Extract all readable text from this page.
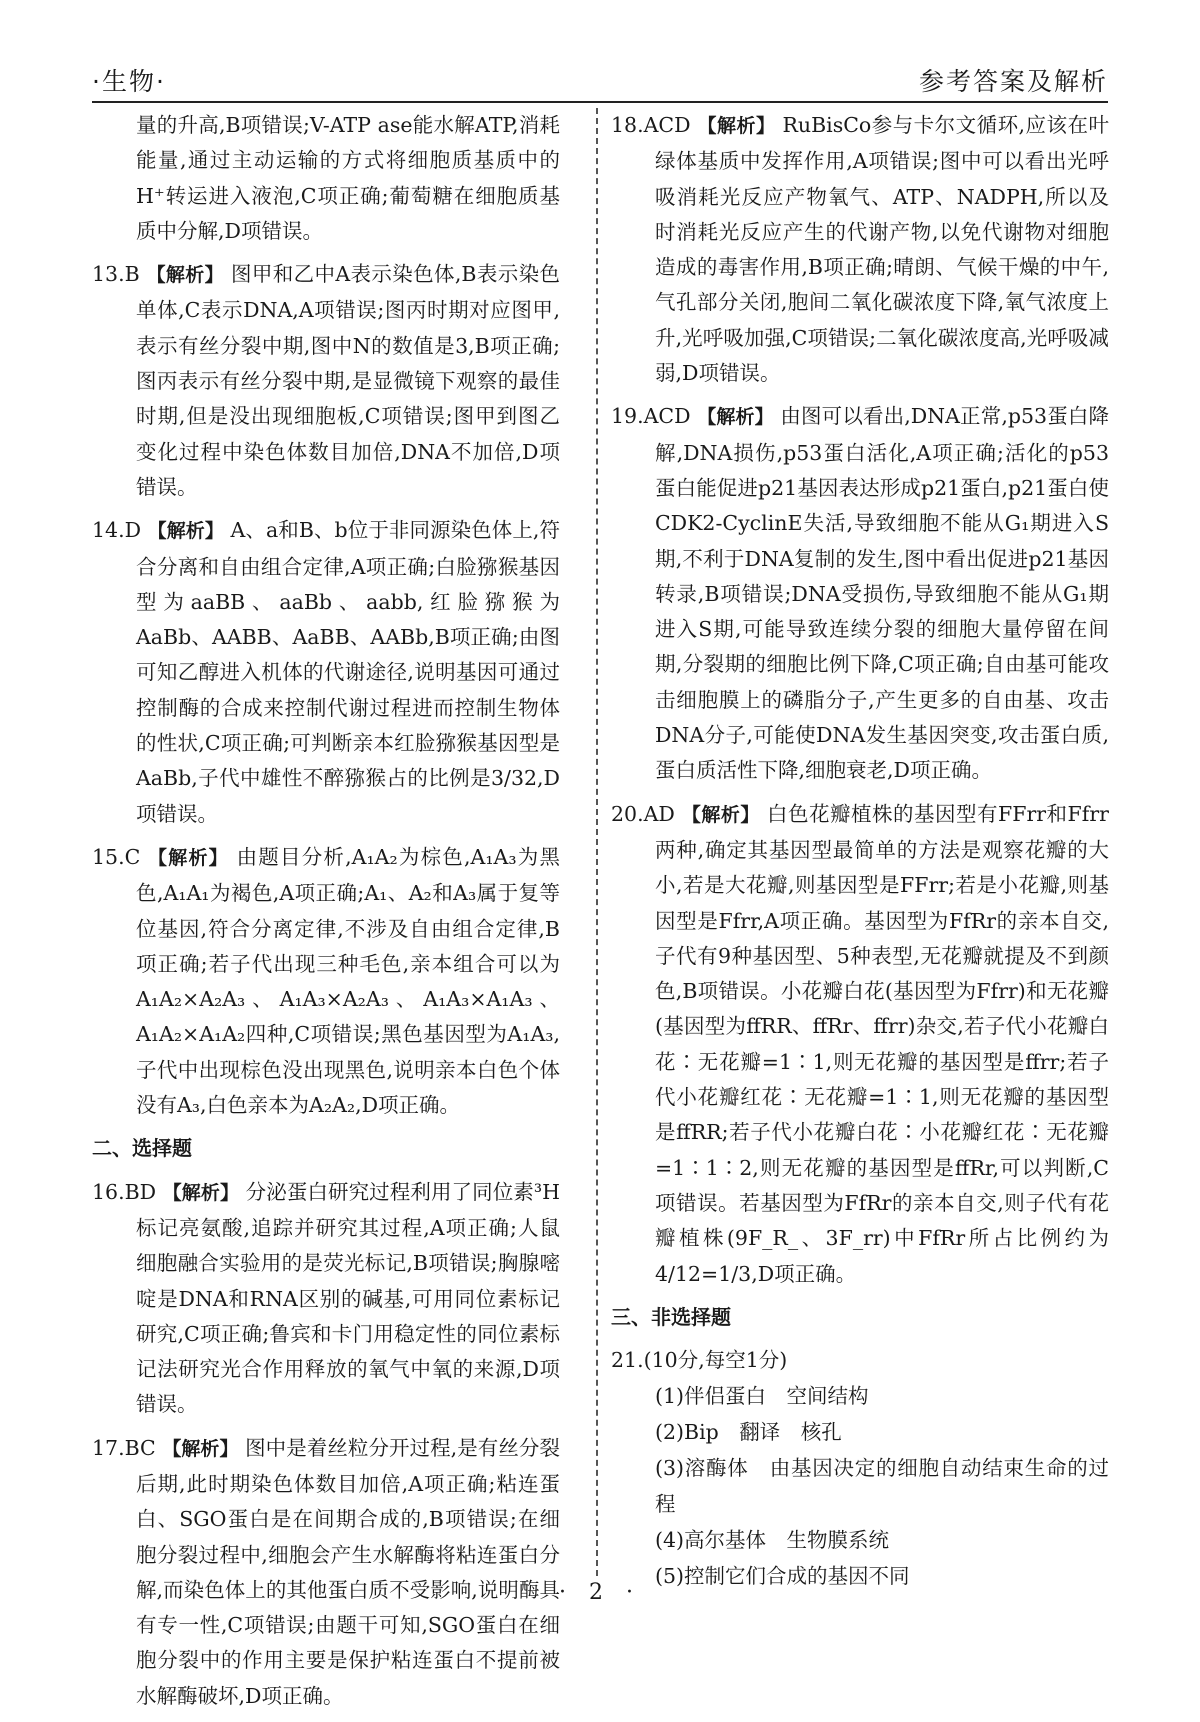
·生物·	参考答案及解析

量的升高,B项错误;V-ATP ase能水解ATP,消耗能量,通过主动运输的方式将细胞质基质中的H⁺转运进入液泡,C项正确;葡萄糖在细胞质基质中分解,D项错误。

13.B 【解析】 图甲和乙中A表示染色体,B表示染色单体,C表示DNA,A项错误;图丙时期对应图甲,表示有丝分裂中期,图中N的数值是3,B项正确;图丙表示有丝分裂中期,是显微镜下观察的最佳时期,但是没出现细胞板,C项错误;图甲到图乙变化过程中染色体数目加倍,DNA不加倍,D项错误。

14.D 【解析】 A、a和B、b位于非同源染色体上,符合分离和自由组合定律,A项正确;白脸猕猴基因型为aaBB、aaBb、aabb,红脸猕猴为AaBb、AABB、AaBB、AABb,B项正确;由图可知乙醇进入机体的代谢途径,说明基因可通过控制酶的合成来控制代谢过程进而控制生物体的性状,C项正确;可判断亲本红脸猕猴基因型是AaBb,子代中雄性不醉猕猴占的比例是3/32,D项错误。

15.C 【解析】 由题目分析,A₁A₂为棕色,A₁A₃为黑色,A₁A₁为褐色,A项正确;A₁、A₂和A₃属于复等位基因,符合分离定律,不涉及自由组合定律,B项正确;若子代出现三种毛色,亲本组合可以为A₁A₂×A₂A₃、A₁A₃×A₂A₃、A₁A₃×A₁A₃、A₁A₂×A₁A₂四种,C项错误;黑色基因型为A₁A₃,子代中出现棕色没出现黑色,说明亲本白色个体没有A₃,白色亲本为A₂A₂,D项正确。

二、选择题

16.BD 【解析】 分泌蛋白研究过程利用了同位素³H标记亮氨酸,追踪并研究其过程,A项正确;人鼠细胞融合实验用的是荧光标记,B项错误;胸腺嘧啶是DNA和RNA区别的碱基,可用同位素标记研究,C项正确;鲁宾和卡门用稳定性的同位素标记法研究光合作用释放的氧气中氧的来源,D项错误。

17.BC 【解析】 图中是着丝粒分开过程,是有丝分裂后期,此时期染色体数目加倍,A项正确;粘连蛋白、SGO蛋白是在间期合成的,B项错误;在细胞分裂过程中,细胞会产生水解酶将粘连蛋白分解,而染色体上的其他蛋白质不受影响,说明酶具有专一性,C项错误;由题干可知,SGO蛋白在细胞分裂中的作用主要是保护粘连蛋白不提前被水解酶破坏,D项正确。

18.ACD 【解析】 RuBisCo参与卡尔文循环,应该在叶绿体基质中发挥作用,A项错误;图中可以看出光呼吸消耗光反应产物氧气、ATP、NADPH,所以及时消耗光反应产生的代谢产物,以免代谢物对细胞造成的毒害作用,B项正确;晴朗、气候干燥的中午,气孔部分关闭,胞间二氧化碳浓度下降,氧气浓度上升,光呼吸加强,C项错误;二氧化碳浓度高,光呼吸减弱,D项错误。

19.ACD 【解析】 由图可以看出,DNA正常,p53蛋白降解,DNA损伤,p53蛋白活化,A项正确;活化的p53蛋白能促进p21基因表达形成p21蛋白,p21蛋白使CDK2-CyclinE失活,导致细胞不能从G₁期进入S期,不利于DNA复制的发生,图中看出促进p21基因转录,B项错误;DNA受损伤,导致细胞不能从G₁期进入S期,可能导致连续分裂的细胞大量停留在间期,分裂期的细胞比例下降,C项正确;自由基可能攻击细胞膜上的磷脂分子,产生更多的自由基、攻击DNA分子,可能使DNA发生基因突变,攻击蛋白质,蛋白质活性下降,细胞衰老,D项正确。

20.AD 【解析】 白色花瓣植株的基因型有FFrr和Ffrr两种,确定其基因型最简单的方法是观察花瓣的大小,若是大花瓣,则基因型是FFrr;若是小花瓣,则基因型是Ffrr,A项正确。基因型为FfRr的亲本自交,子代有9种基因型、5种表型,无花瓣就提及不到颜色,B项错误。小花瓣白花(基因型为Ffrr)和无花瓣(基因型为ffRR、ffRr、ffrr)杂交,若子代小花瓣白花∶无花瓣=1∶1,则无花瓣的基因型是ffrr;若子代小花瓣红花∶无花瓣=1∶1,则无花瓣的基因型是ffRR;若子代小花瓣白花∶小花瓣红花∶无花瓣=1∶1∶2,则无花瓣的基因型是ffRr,可以判断,C项错误。若基因型为FfRr的亲本自交,则子代有花瓣植株(9F_R_、3F_rr)中FfRr所占比例约为4/12=1/3,D项正确。

三、非选择题

21.(10分,每空1分)

(1)伴侣蛋白　空间结构
(2)Bip　翻译　核孔
(3)溶酶体　由基因决定的细胞自动结束生命的过程
(4)高尔基体　生物膜系统
(5)控制它们合成的基因不同
· 2 ·
